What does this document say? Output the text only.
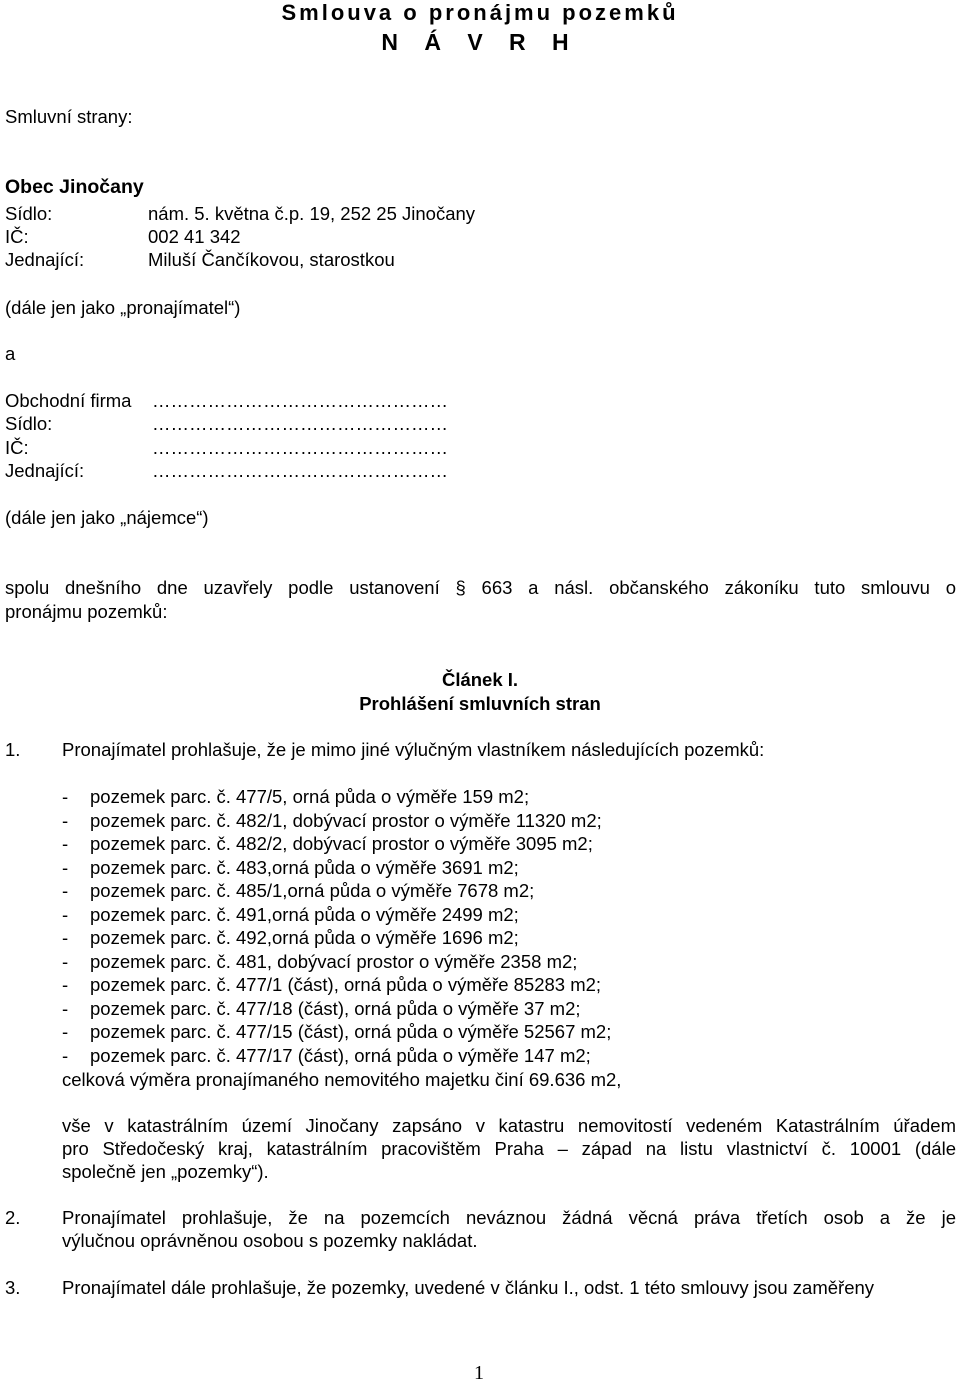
Smlouva o pronájmu pozemků
N Á V R H
Smluvní strany:
Obec Jinočany
Sídlo:	nám. 5. května č.p. 19, 252 25 Jinočany
IČ:	002 41 342
Jednající:	Miluší Čančíkovou, starostkou
(dále jen jako „pronajímatel“)
a
Obchodní firma …………………………………………
Sídlo:	…………………………………………
IČ:	…………………………………………
Jednající:	…………………………………………
(dále jen jako „nájemce“)
spolu dnešního dne uzavřely podle ustanovení § 663 a násl. občanského zákoníku tuto smlouvu o
pronájmu pozemků:
Článek I.
Prohlášení smluvních stran
1. Pronajímatel prohlašuje, že je mimo jiné výlučným vlastníkem následujících pozemků:
- pozemek parc. č. 477/5, orná půda o výměře 159 m2;
- pozemek parc. č. 482/1, dobývací prostor o výměře 11320 m2;
- pozemek parc. č. 482/2, dobývací prostor o výměře 3095 m2;
- pozemek parc. č. 483,orná půda o výměře 3691 m2;
- pozemek parc. č. 485/1,orná půda o výměře 7678 m2;
- pozemek parc. č. 491,orná půda o výměře 2499 m2;
- pozemek parc. č. 492,orná půda o výměře 1696 m2;
- pozemek parc. č. 481, dobývací prostor o výměře 2358 m2;
- pozemek parc. č. 477/1 (část), orná půda o výměře 85283 m2;
- pozemek parc. č. 477/18 (část), orná půda o výměře 37 m2;
- pozemek parc. č. 477/15 (část), orná půda o výměře 52567 m2;
- pozemek parc. č. 477/17 (část), orná půda o výměře 147 m2;
celková výměra pronajímaného nemovitého majetku činí 69.636 m2,
vše v katastrálním území Jinočany zapsáno v katastru nemovitostí vedeném Katastrálním úřadem
pro Středočeský kraj, katastrálním pracovištěm Praha – západ na listu vlastnictví č. 10001 (dále
společně jen „pozemky“).
2. Pronajímatel prohlašuje, že na pozemcích neváznou žádná věcná práva třetích osob a že je
výlučnou oprávněnou osobou s pozemky nakládat.
3. Pronajímatel dále prohlašuje, že pozemky, uvedené v článku I., odst. 1 této smlouvy jsou zaměřeny
1
